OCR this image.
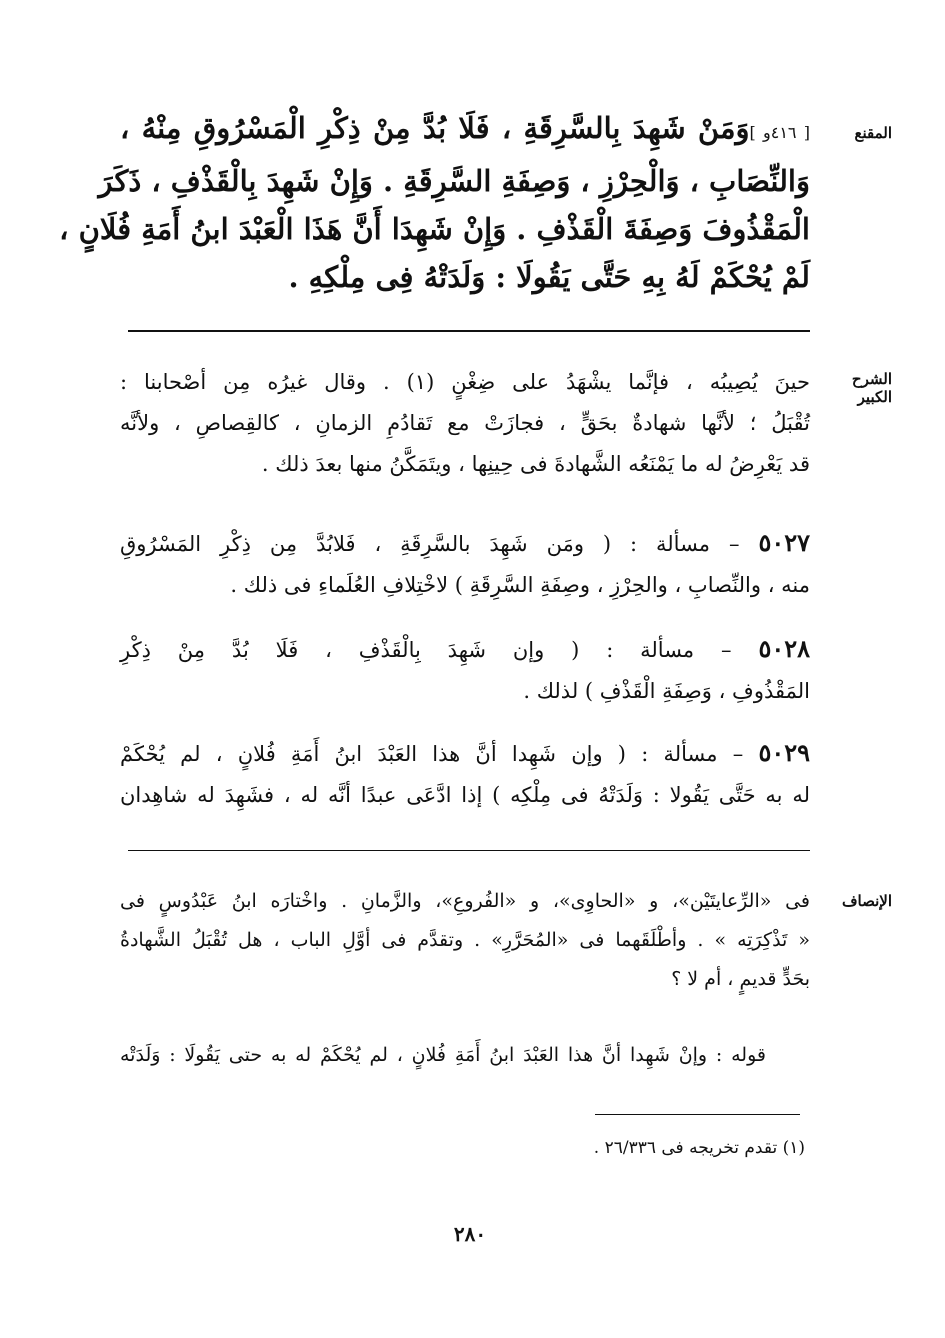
المقنع
[ ٤١٦و ]وَمَنْ شَهِدَ بِالسَّرِقَةِ ، فَلَا بُدَّ مِنْ ذِكْرِ الْمَسْرُوقِ مِنْهُ ،
وَالنِّصَابِ ، وَالْحِرْزِ ، وَصِفَةِ السَّرِقَةِ . وَإِنْ شَهِدَ بِالْقَذْفِ ، ذَكَرَ
الْمَقْذُوفَ وَصِفَةَ الْقَذْفِ . وَإِنْ شَهِدَا أَنَّ هَذَا الْعَبْدَ ابنُ أَمَةِ فُلَانٍ ،
لَمْ يُحْكَمْ لَهُ بِهِ حَتَّى يَقُولَا : وَلَدَتْهُ فِى مِلْكِهِ .
الشرح الكبير
حينَ يُصِيبُه ، فإنَّما يشْهَدُ على ضِغْنٍ (١) . وقال غيرُه مِن أصْحابنا :
تُقْبَلُ ؛ لأنَّها شهادةٌ بحَقٍّ ، فجازَتْ مع تَقادُمِ الزمانِ ، كالقِصاصِ ، ولأنَّه
قد يَعْرِضُ له ما يَمْنَعُه الشَّهادةَ فى حِينِها ، ويتَمَكَّنُ منها بعدَ ذلك .
٥٠٢٧ – مسألة : ( ومَن شَهِدَ بالسَّرِقَةِ ، فَلابُدَّ مِن ذِكْرِ المَسْرُوقِ
منه ، والنِّصابِ ، والحِرْزِ ، وصِفَةِ السَّرِقَةِ ) لاخْتِلافِ العُلَماءِ فى ذلك .
٥٠٢٨ – مسألة : ( وإن شَهِدَ بِالْقَذْفِ ، فَلَا بُدَّ مِنْ ذِكْرِ
المَقْذُوفِ ، وَصِفَةِ الْقَذْفِ ) لذلك .
٥٠٢٩ – مسألة : ( وإن شَهِدا أنَّ هذا العَبْدَ ابنُ أَمَةِ فُلانٍ ، لم يُحْكَمْ
له به حَتَّى يَقُولا : وَلَدَتْهُ فى مِلْكِه ) إذا ادَّعَى عبدًا أنَّه له ، فشَهِدَ له شاهِدان
الإنصاف
فى «الرِّعايتَيْن»، و «الحاوِى»، و «الفُروعِ»، والزَّمانِ . واخْتارَه ابنُ عَبْدُوسٍ فى
« تَذْكِرَتِه » . وأطْلَقَهما فى «المُحَرَّرِ» . وتقدَّم فى أوَّلِ الباب ، هل تُقْبَلُ الشَّهادةُ
بحَدٍّ قديمٍ ، أم لا ؟
قوله : وإنْ شَهِدا أنَّ هذا العَبْدَ ابنُ أَمَةِ فُلانٍ ، لم يُحْكَمْ له به حتى يَقُولَا : وَلَدَتْه
(١) تقدم تخريجه فى ٢٦/٣٣٦ .
٢٨٠
